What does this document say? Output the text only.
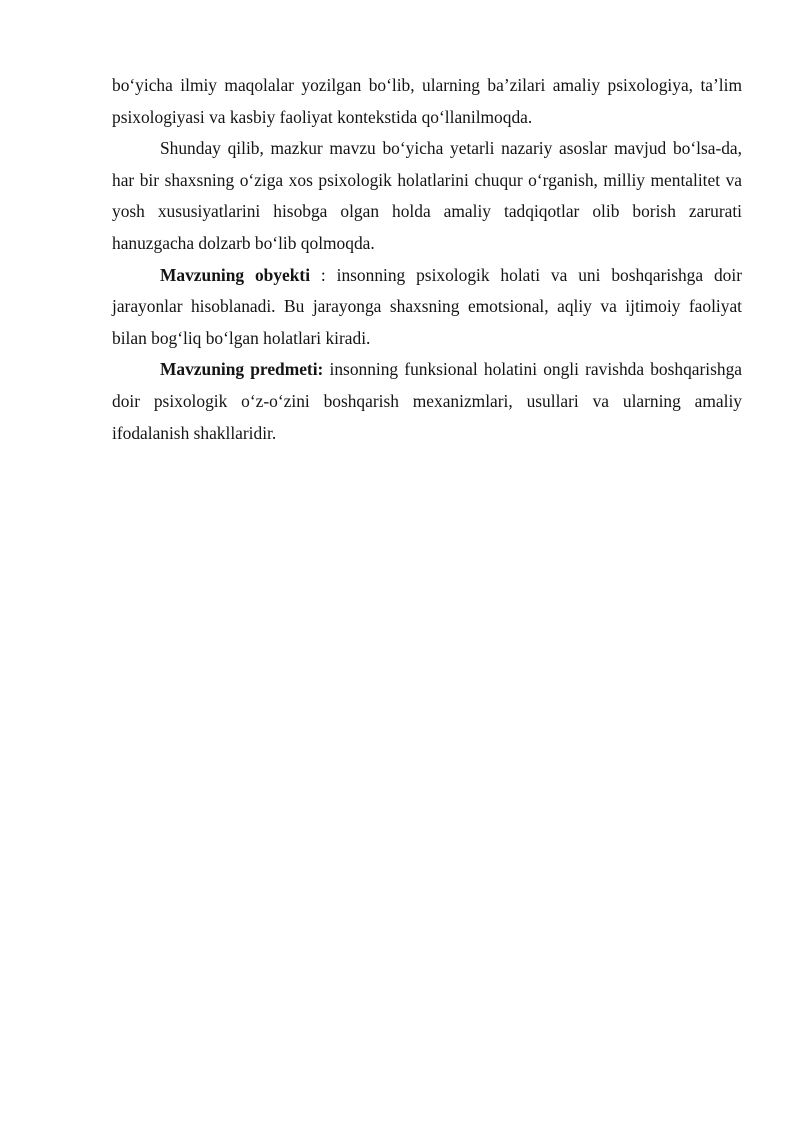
bo‘yicha ilmiy maqolalar yozilgan bo‘lib, ularning ba’zilari amaliy psixologiya, ta’lim psixologiyasi va kasbiy faoliyat kontekstida qo‘llanilmoqda.

Shunday qilib, mazkur mavzu bo‘yicha yetarli nazariy asoslar mavjud bo‘lsa-da, har bir shaxsning o‘ziga xos psixologik holatlarini chuqur o‘rganish, milliy mentalitet va yosh xususiyatlarini hisobga olgan holda amaliy tadqiqotlar olib borish zarurati hanuzgacha dolzarb bo‘lib qolmoqda.

Mavzuning obyekti : insonning psixologik holati va uni boshqarishga doir jarayonlar hisoblanadi. Bu jarayonga shaxsning emotsional, aqliy va ijtimoiy faoliyat bilan bog‘liq bo‘lgan holatlari kiradi.

Mavzuning predmeti: insonning funksional holatini ongli ravishda boshqarishga doir psixologik o‘z-o‘zini boshqarish mexanizmlari, usullari va ularning amaliy ifodalanish shakllaridir.
